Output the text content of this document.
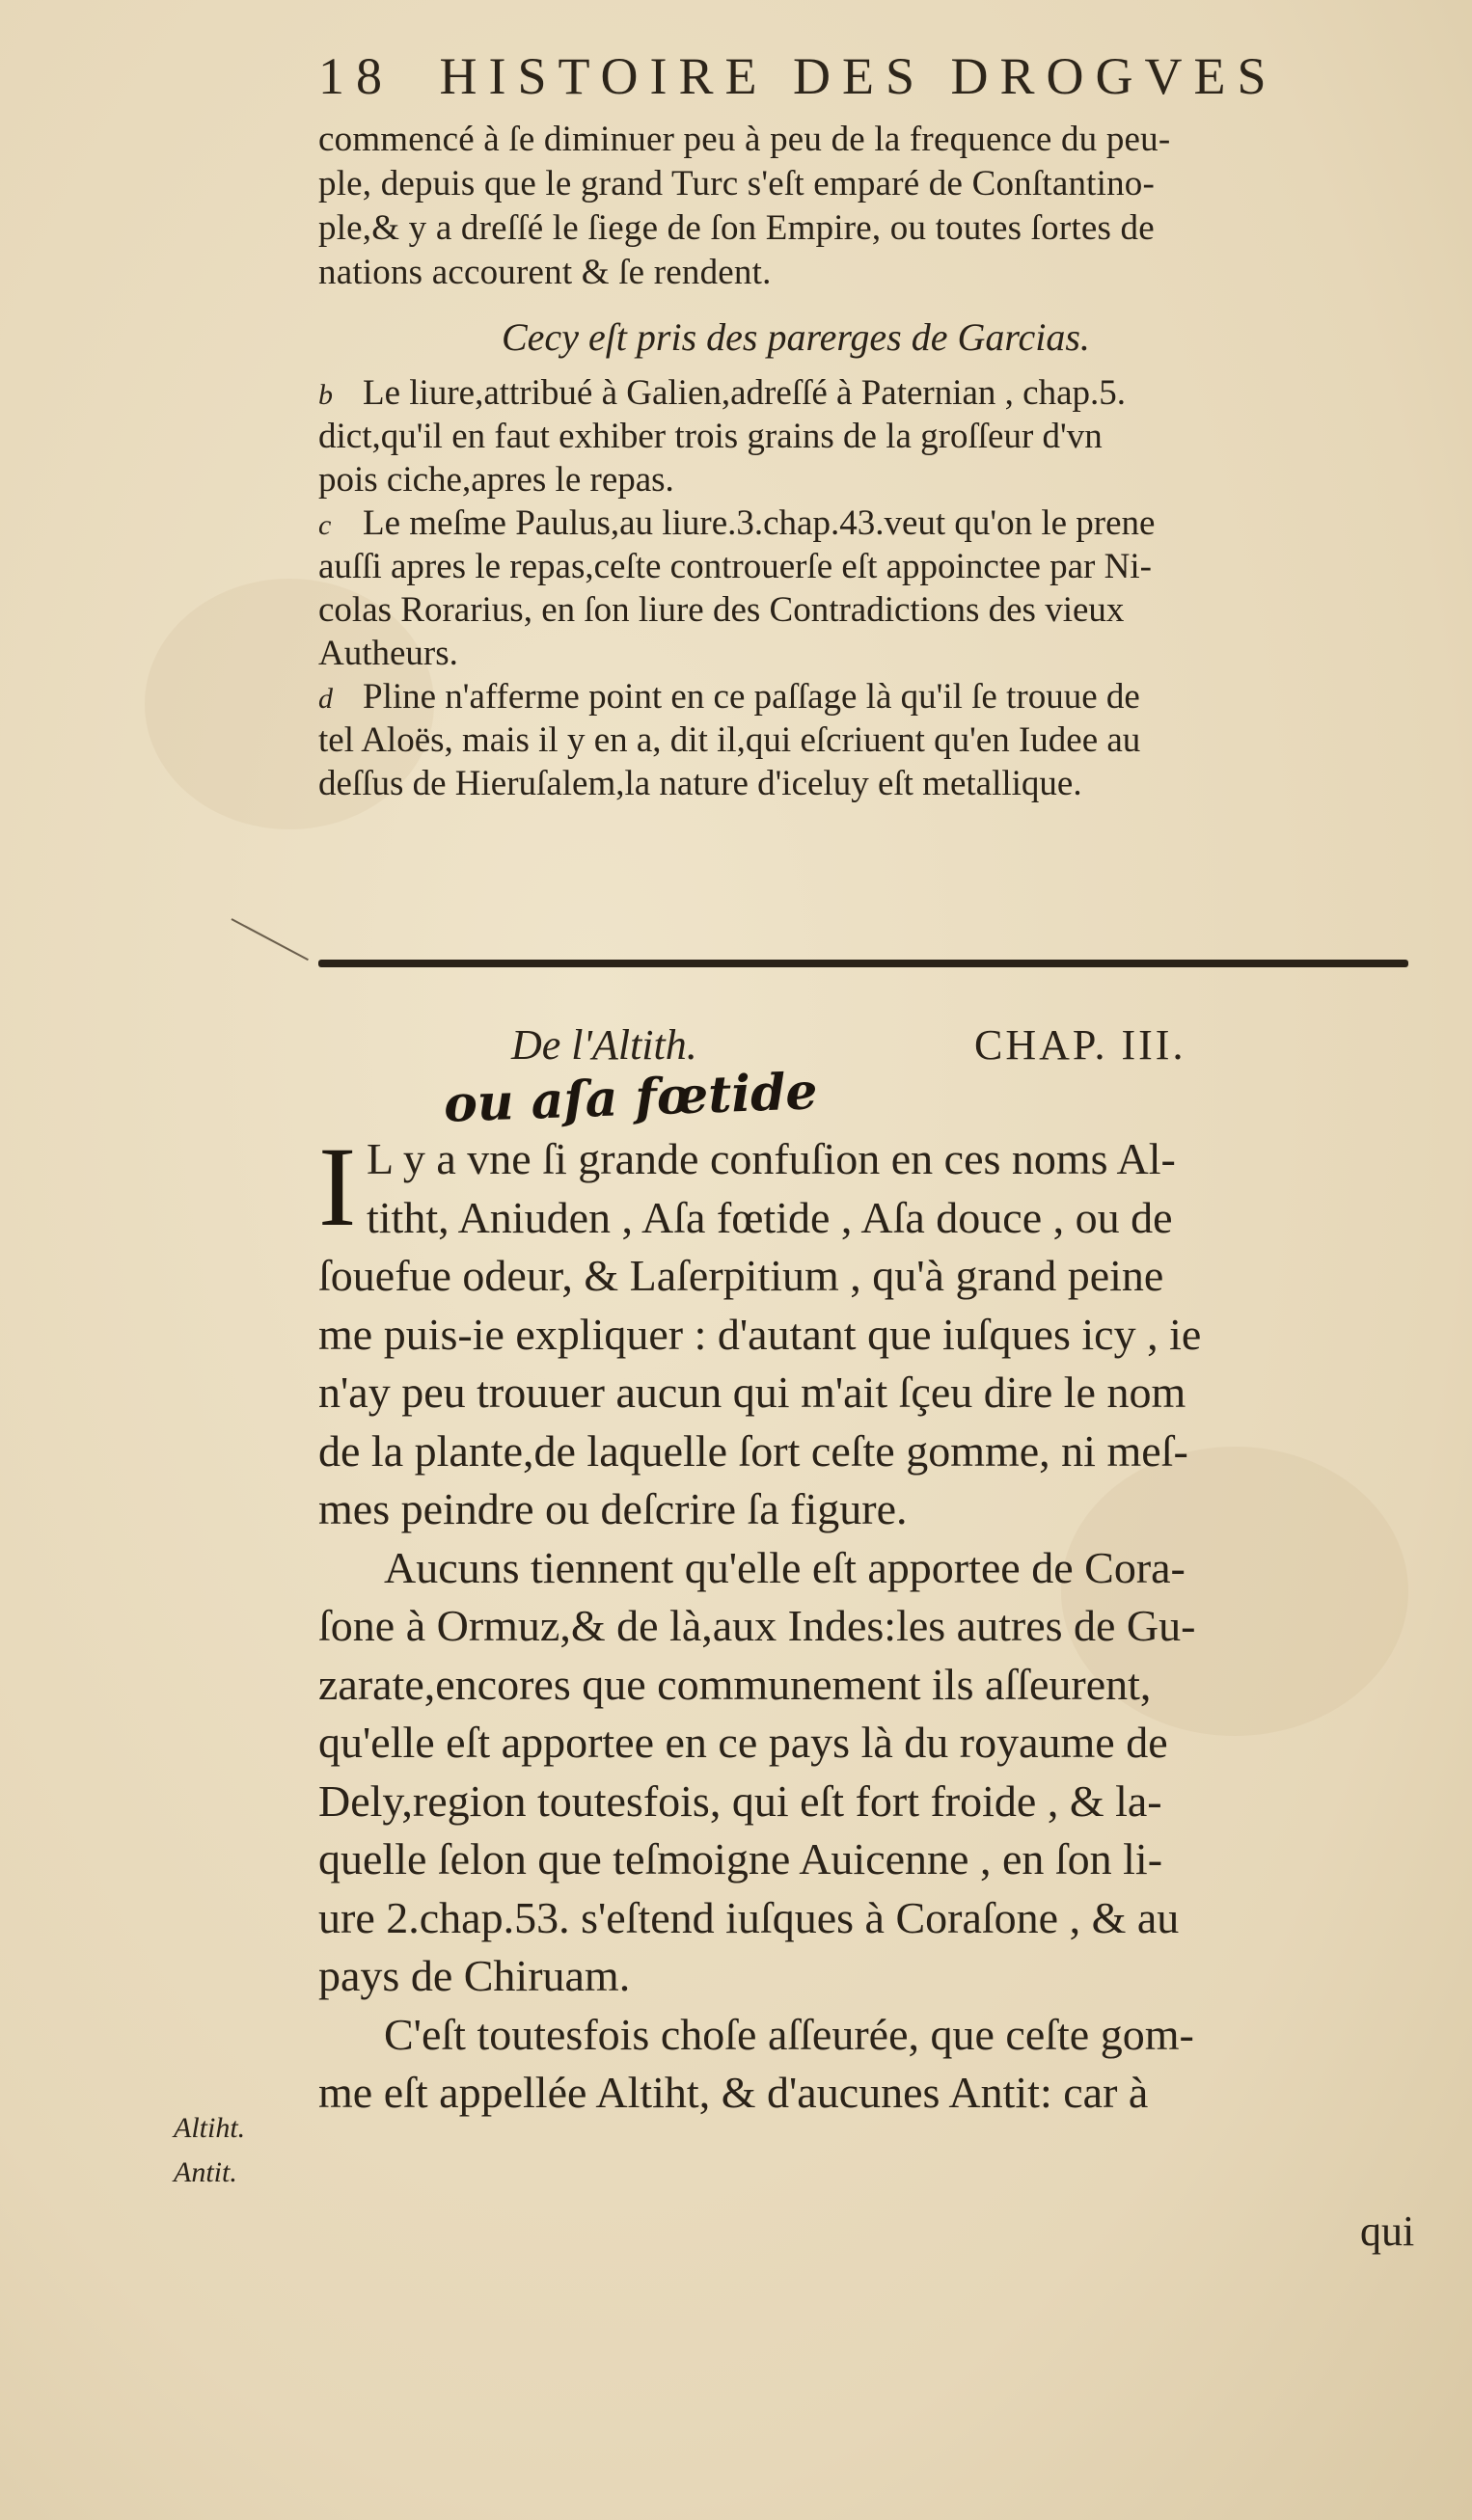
18 HISTOIRE DES DROGVES
commencé à ſe diminuer peu à peu de la frequence du peu-
ple, depuis que le grand Turc s'eſt emparé de Conſtantino-
ple,& y a dreſſé le ſiege de ſon Empire, ou toutes ſortes de
nations accourent & ſe rendent.
Cecy eſt pris des parerges de Garcias.
b Le liure,attribué à Galien,adreſſé à Paternian , chap.5.
dict,qu'il en faut exhiber trois grains de la groſſeur d'vn
pois ciche,apres le repas.
c Le meſme Paulus,au liure.3.chap.43.veut qu'on le prene
auſſi apres le repas,ceſte controuerſe eſt appoinctee par Ni-
colas Rorarius, en ſon liure des Contradictions des vieux
Autheurs.
d Pline n'afferme point en ce paſſage là qu'il ſe trouue de
tel Aloës, mais il y en a, dit il,qui eſcriuent qu'en Iudee au
deſſus de Hieruſalem,la nature d'iceluy eſt metallique.
De l'Altith.	CHAP. III.
ou aſa fœtide
I L y a vne ſi grande confuſion en ces noms Al-
titht, Aniuden , Aſa fœtide , Aſa douce , ou de
ſouefue odeur, & Laſerpitium , qu'à grand peine
me puis-ie expliquer : d'autant que iuſques icy , ie
n'ay peu trouuer aucun qui m'ait ſçeu dire le nom
de la plante,de laquelle ſort ceſte gomme, ni meſ-
mes peindre ou deſcrire ſa figure.
Aucuns tiennent qu'elle eſt apportee de Cora-
ſone à Ormuz,& de là,aux Indes:les autres de Gu-
zarate,encores que communement ils aſſeurent,
qu'elle eſt apportee en ce pays là du royaume de
Dely,region toutesfois, qui eſt fort froide , & la-
quelle ſelon que teſmoigne Auicenne , en ſon li-
ure 2.chap.53. s'eſtend iuſques à Coraſone , & au
pays de Chiruam.
C'eſt toutesfois choſe aſſeurée, que ceſte gom-
me eſt appellée Altiht, & d'aucunes Antit: car à
Altiht.
Antit.
qui
